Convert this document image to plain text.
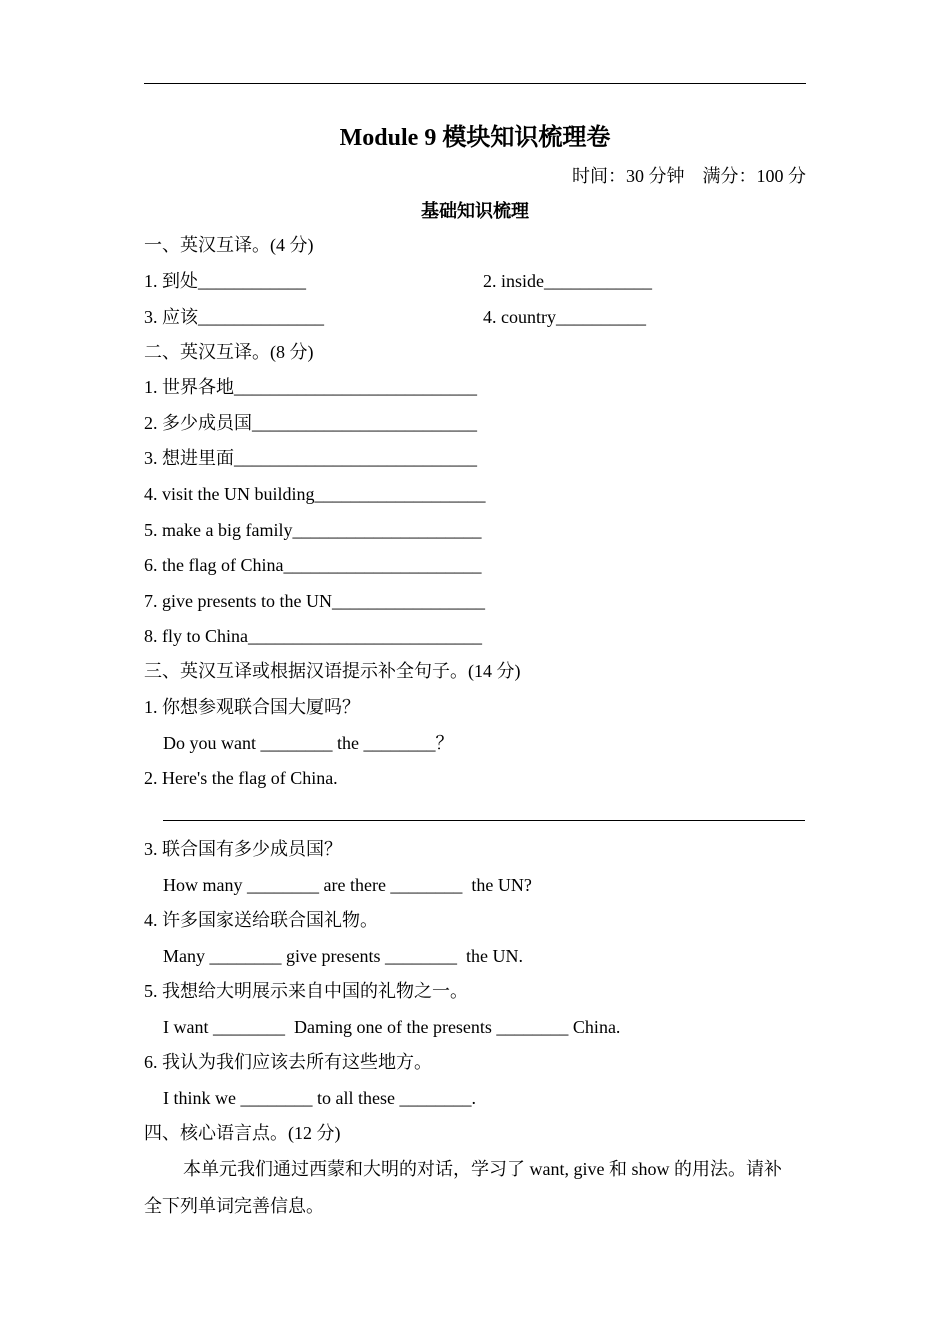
Module 9 模块知识梳理卷
时间：30 分钟    满分：100 分
基础知识梳理
一、英汉互译。(4 分)
1. 到处____________	2. inside____________
3. 应该______________	4. country__________
二、英汉互译。(8 分)
1. 世界各地___________________________
2. 多少成员国_________________________
3. 想进里面___________________________
4. visit the UN building___________________
5. make a big family_____________________
6. the flag of China______________________
7. give presents to the UN_________________
8. fly to China__________________________
三、英汉互译或根据汉语提示补全句子。(14 分)
1. 你想参观联合国大厦吗？
Do you want ________ the ________？
2. Here's the flag of China.
3. 联合国有多少成员国？
How many ________ are there ________  the UN?
4. 许多国家送给联合国礼物。
Many ________ give presents ________  the UN.
5. 我想给大明展示来自中国的礼物之一。
I want ________  Daming one of the presents ________ China.
6. 我认为我们应该去所有这些地方。
I think we ________ to all these ________.
四、核心语言点。(12 分)
本单元我们通过西蒙和大明的对话，学习了 want, give 和 show 的用法。请补
全下列单词完善信息。
